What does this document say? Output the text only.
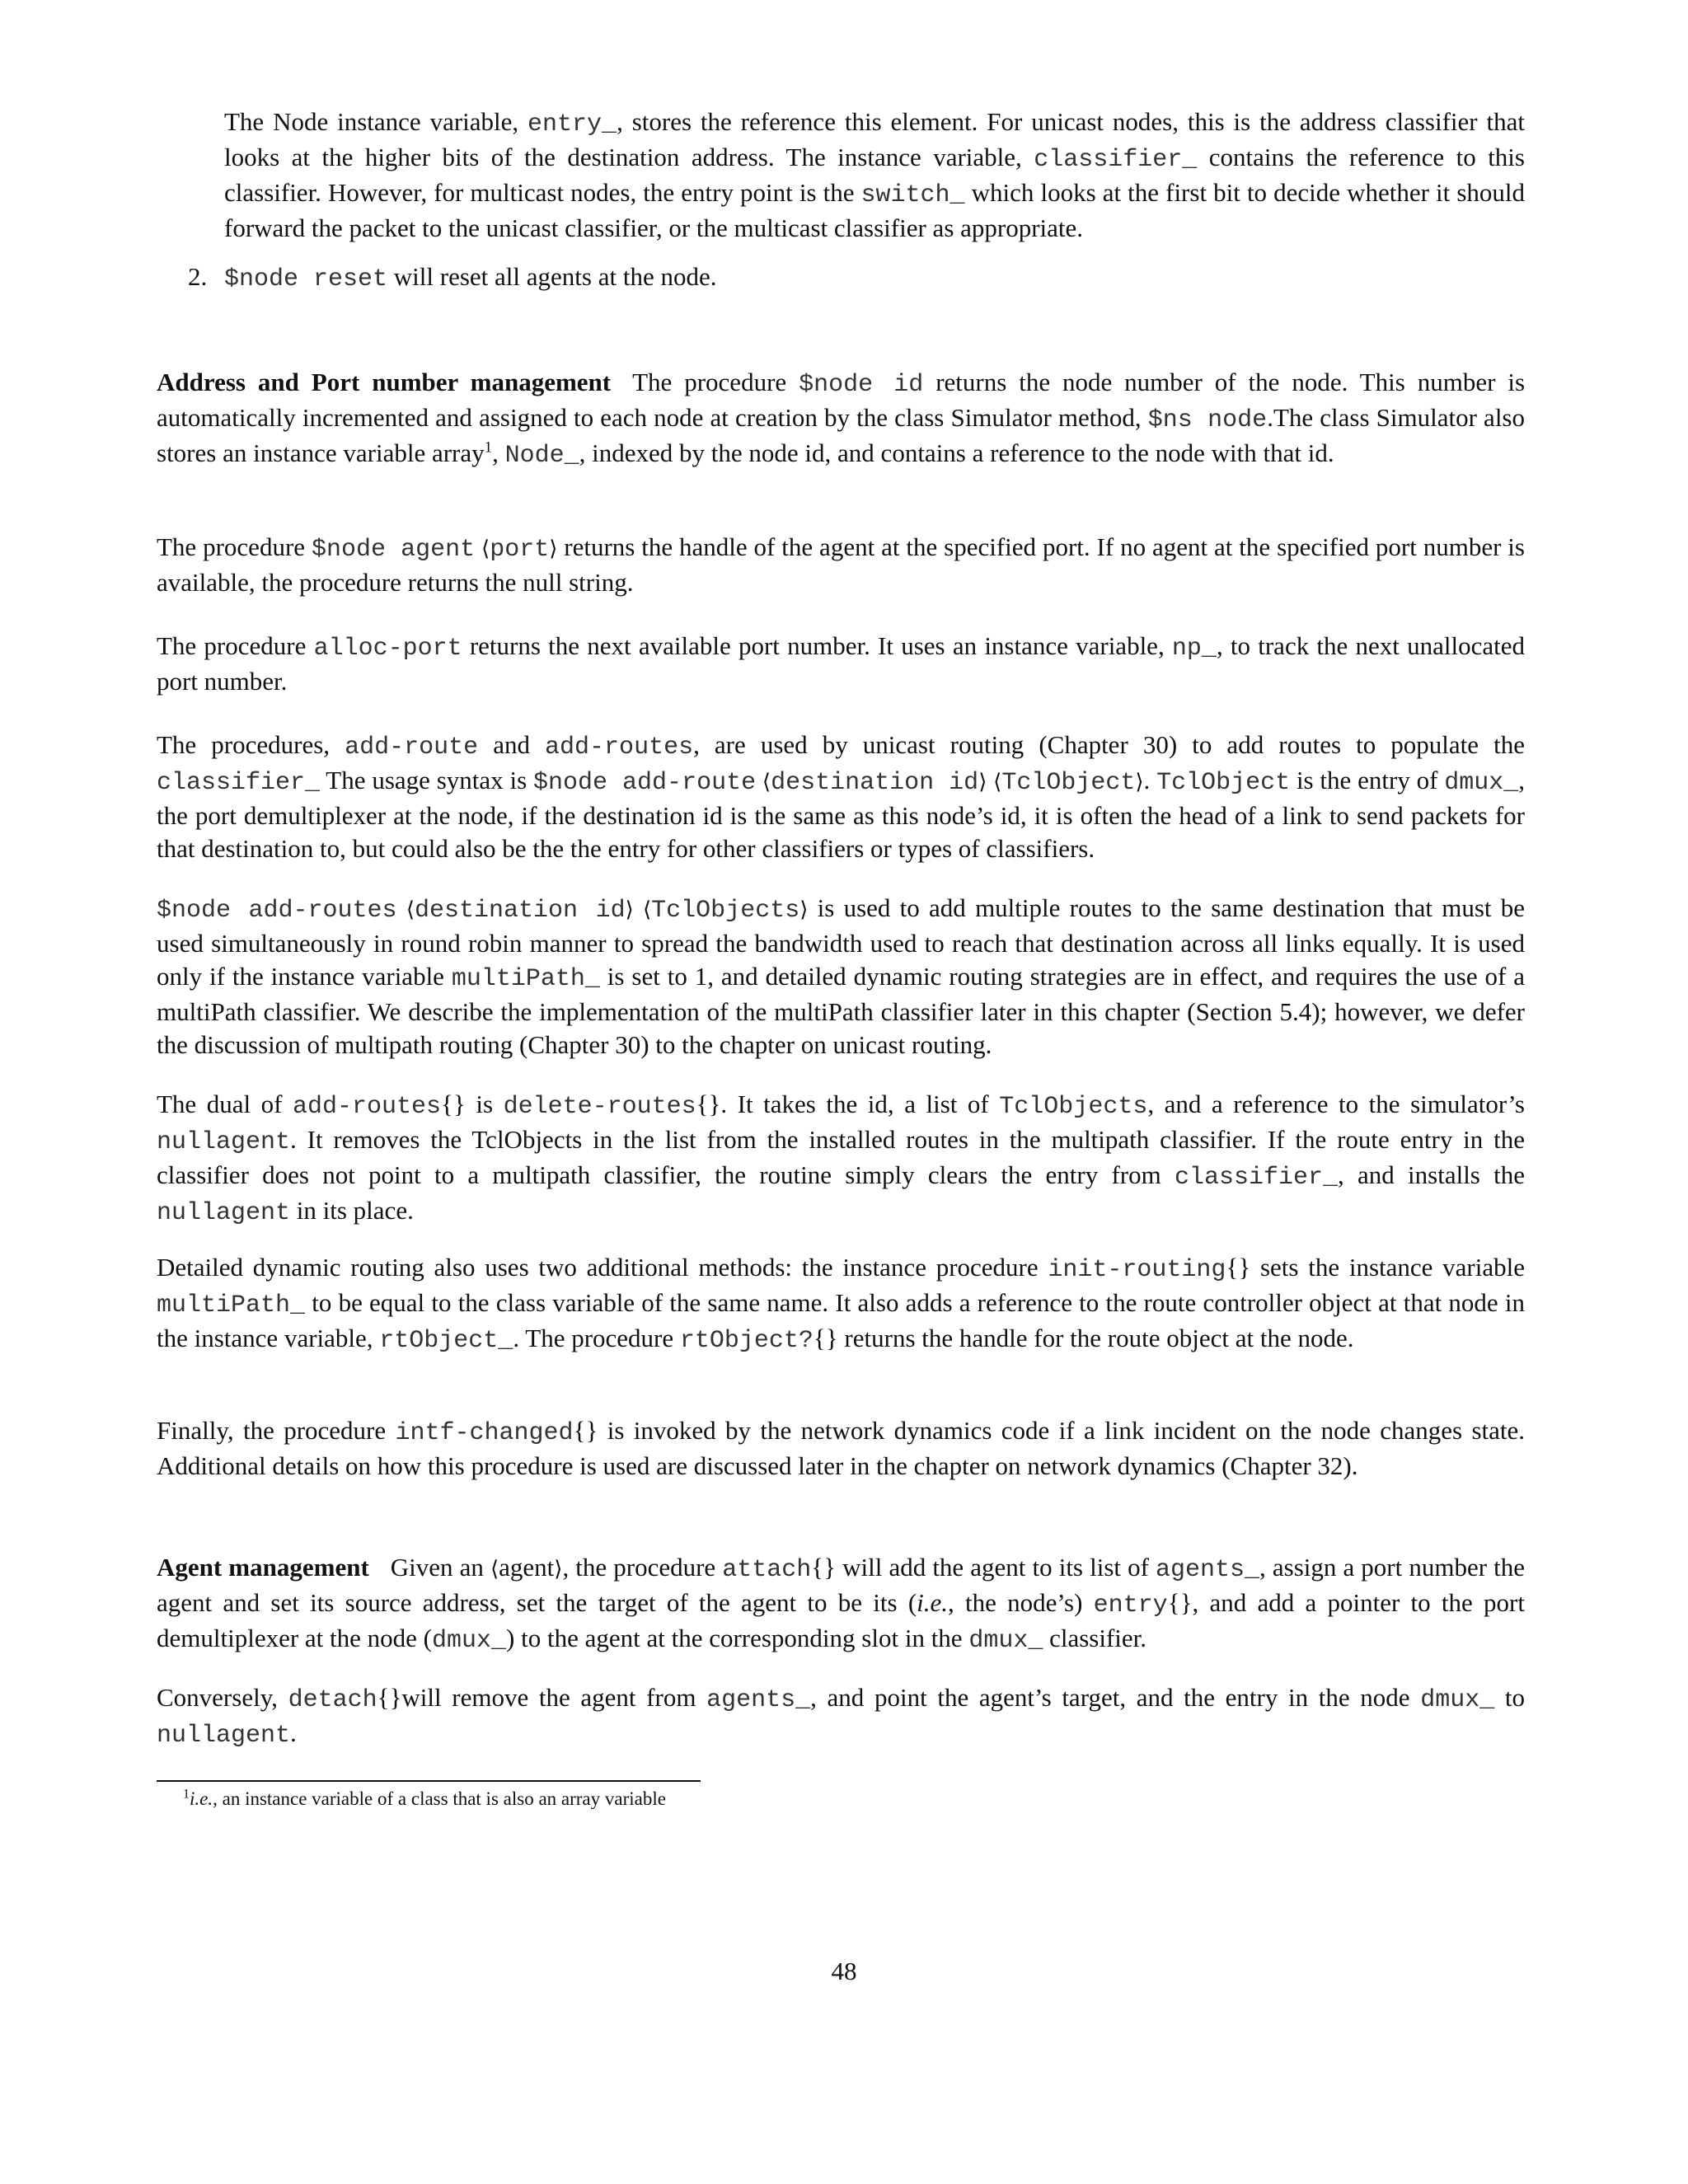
The Node instance variable, entry_, stores the reference this element. For unicast nodes, this is the address classifier that looks at the higher bits of the destination address. The instance variable, classifier_ contains the reference to this classifier. However, for multicast nodes, the entry point is the switch_ which looks at the first bit to decide whether it should forward the packet to the unicast classifier, or the multicast classifier as appropriate.

2. $node reset will reset all agents at the node.

Address and Port number management The procedure $node id returns the node number of the node. This number is automatically incremented and assigned to each node at creation by the class Simulator method, $ns node.The class Simulator also stores an instance variable array$^1$, Node_, indexed by the node id, and contains a reference to the node with that id.

The procedure $node agent ⟨port⟩ returns the handle of the agent at the specified port. If no agent at the specified port number is available, the procedure returns the null string.

The procedure alloc-port returns the next available port number. It uses an instance variable, np_, to track the next unallocated port number.

The procedures, add-route and add-routes, are used by unicast routing (Chapter 30) to add routes to populate the classifier_ The usage syntax is $node add-route ⟨destination id⟩ ⟨TclObject⟩. TclObject is the entry of dmux_, the port demultiplexer at the node, if the destination id is the same as this node’s id, it is often the head of a link to send packets for that destination to, but could also be the the entry for other classifiers or types of classifiers.

$node add-routes ⟨destination id⟩ ⟨TclObjects⟩ is used to add multiple routes to the same destination that must be used simultaneously in round robin manner to spread the bandwidth used to reach that destination across all links equally. It is used only if the instance variable multiPath_ is set to 1, and detailed dynamic routing strategies are in effect, and requires the use of a multiPath classifier. We describe the implementation of the multiPath classifier later in this chapter (Section 5.4); however, we defer the discussion of multipath routing (Chapter 30) to the chapter on unicast routing.

The dual of add-routes{} is delete-routes{}. It takes the id, a list of TclObjects, and a reference to the simulator’s nullagent. It removes the TclObjects in the list from the installed routes in the multipath classifier. If the route entry in the classifier does not point to a multipath classifier, the routine simply clears the entry from classifier_, and installs the nullagent in its place.

Detailed dynamic routing also uses two additional methods: the instance procedure init-routing{} sets the instance variable multiPath_ to be equal to the class variable of the same name. It also adds a reference to the route controller object at that node in the instance variable, rtObject_. The procedure rtObject?{} returns the handle for the route object at the node.

Finally, the procedure intf-changed{} is invoked by the network dynamics code if a link incident on the node changes state. Additional details on how this procedure is used are discussed later in the chapter on network dynamics (Chapter 32).

Agent management Given an ⟨agent⟩, the procedure attach{} will add the agent to its list of agents_, assign a port number the agent and set its source address, set the target of the agent to be its (i.e., the node’s) entry{}, and add a pointer to the port demultiplexer at the node (dmux_) to the agent at the corresponding slot in the dmux_ classifier.

Conversely, detach{}will remove the agent from agents_, and point the agent’s target, and the entry in the node dmux_ to nullagent.

$^1$i.e., an instance variable of a class that is also an array variable
48
